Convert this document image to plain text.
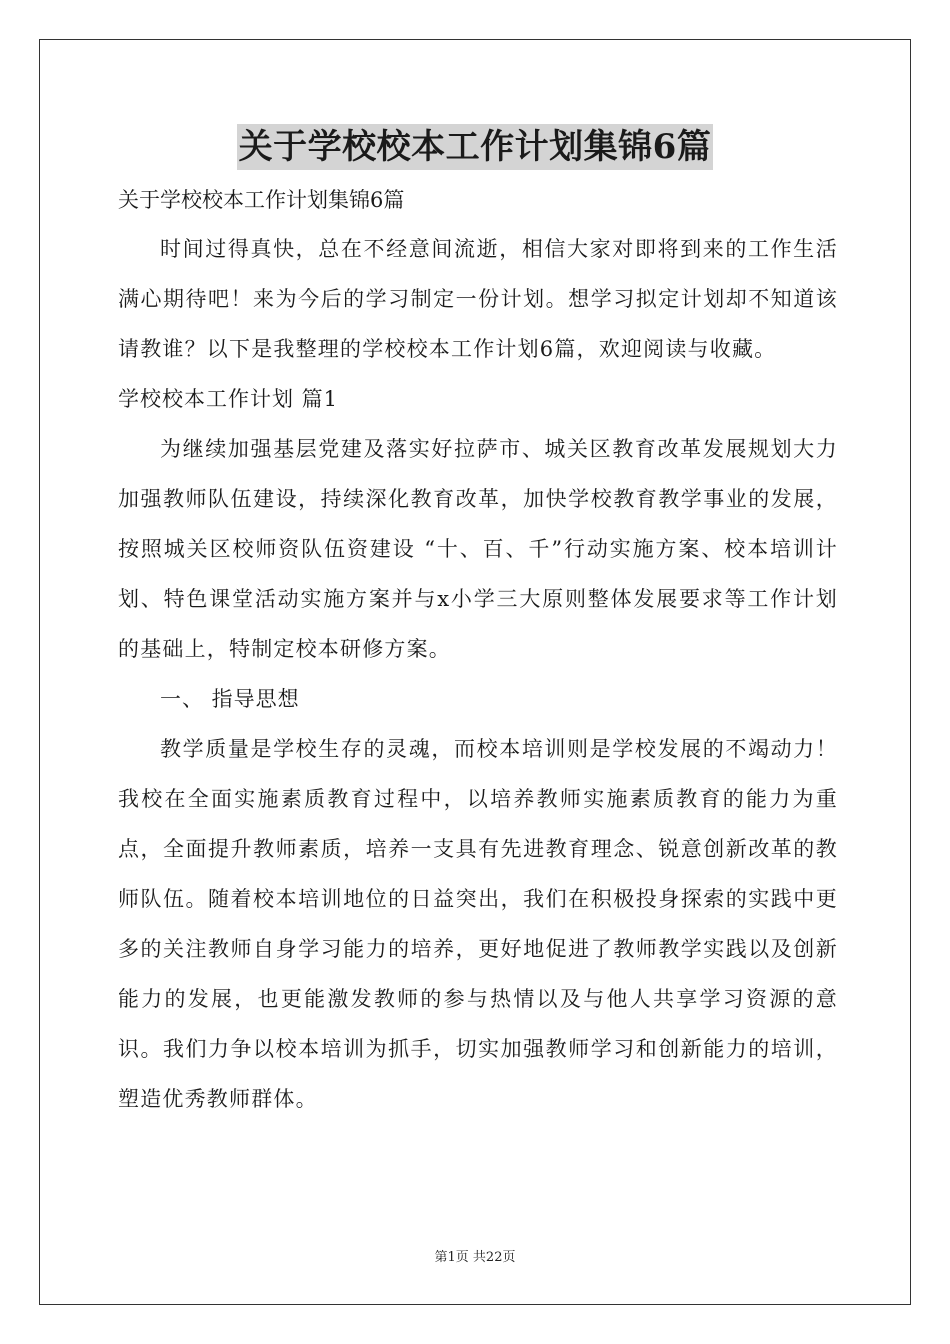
关于学校校本工作计划集锦6篇

关于学校校本工作计划集锦6篇

时间过得真快，总在不经意间流逝，相信大家对即将到来的工作生活满心期待吧！来为今后的学习制定一份计划。想学习拟定计划却不知道该请教谁？以下是我整理的学校校本工作计划6篇，欢迎阅读与收藏。

学校校本工作计划 篇1

为继续加强基层党建及落实好拉萨市、城关区教育改革发展规划大力加强教师队伍建设，持续深化教育改革，加快学校教育教学事业的发展，按照城关区校师资队伍资建设 “十、百、千”行动实施方案、校本培训计划、特色课堂活动实施方案并与x小学三大原则整体发展要求等工作计划的基础上，特制定校本研修方案。

一、 指导思想

教学质量是学校生存的灵魂，而校本培训则是学校发展的不竭动力！我校在全面实施素质教育过程中，以培养教师实施素质教育的能力为重点，全面提升教师素质，培养一支具有先进教育理念、锐意创新改革的教师队伍。随着校本培训地位的日益突出，我们在积极投身探索的实践中更多的关注教师自身学习能力的培养，更好地促进了教师教学实践以及创新能力的发展，也更能激发教师的参与热情以及与他人共享学习资源的意识。我们力争以校本培训为抓手，切实加强教师学习和创新能力的培训，塑造优秀教师群体。

第1页 共22页
